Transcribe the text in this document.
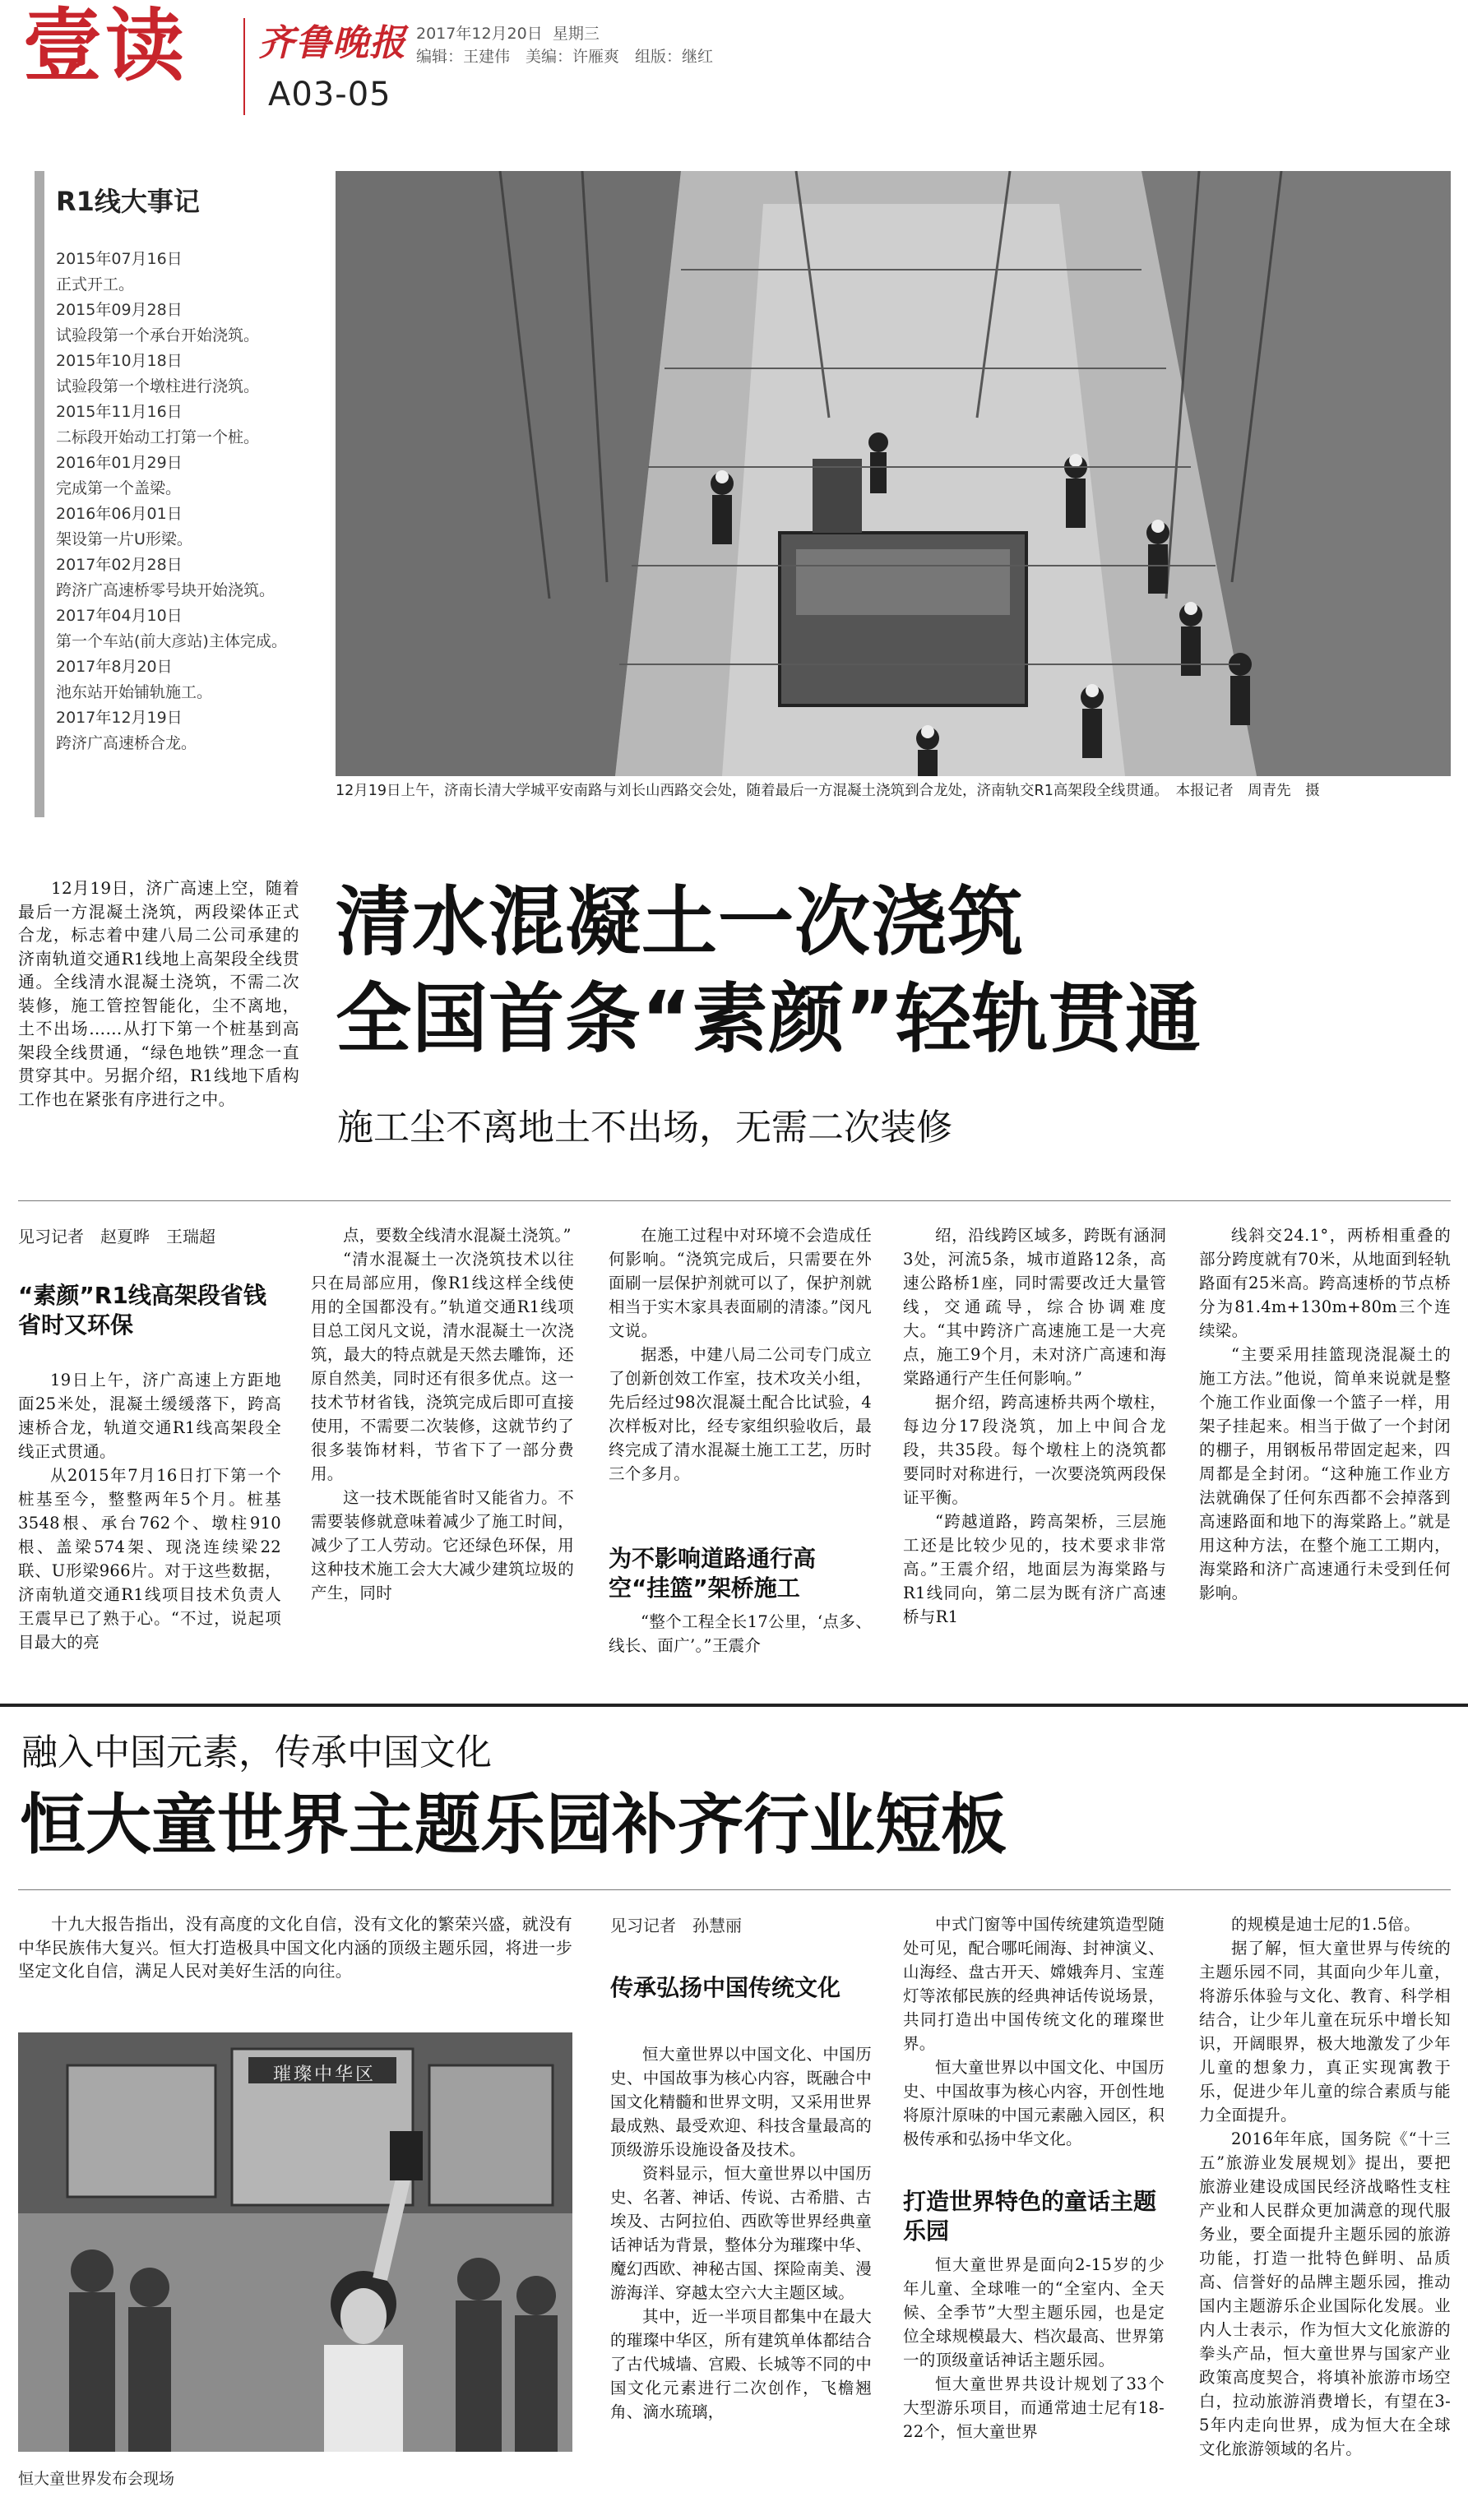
壹读 齐鲁晚报 2017年12月20日 星期三
编辑：王建伟　美编：许雁爽　组版：继红
A03-05
R1线大事记
2015年07月16日
正式开工。
2015年09月28日
试验段第一个承台开始浇筑。
2015年10月18日
试验段第一个墩柱进行浇筑。
2015年11月16日
二标段开始动工打第一个桩。
2016年01月29日
完成第一个盖梁。
2016年06月01日
架设第一片U形梁。
2017年02月28日
跨济广高速桥零号块开始浇筑。
2017年04月10日
第一个车站(前大彦站)主体完成。
2017年8月20日
池东站开始铺轨施工。
2017年12月19日
跨济广高速桥合龙。
12月19日上午，济南长清大学城平安南路与刘长山西路交会处，随着最后一方混凝土浇筑到合龙处，济南轨交R1高架段全线贯通。　本报记者　周青先　摄

12月19日，济广高速上空，随着最后一方混凝土浇筑，两段梁体正式合龙，标志着中建八局二公司承建的济南轨道交通R1线地上高架段全线贯通。全线清水混凝土浇筑，不需二次装修，施工管控智能化，尘不离地，土不出场……从打下第一个桩基到高架段全线贯通，“绿色地铁”理念一直贯穿其中。另据介绍，R1线地下盾构工作也在紧张有序进行之中。

清水混凝土一次浇筑
全国首条“素颜”轻轨贯通
施工尘不离地土不出场，无需二次装修
见习记者　赵夏晔　王瑞超
“素颜”R1线高架段省钱省时又环保

19日上午，济广高速上方距地面25米处，混凝土缓缓落下，跨高速桥合龙，轨道交通R1线高架段全线正式贯通。

从2015年7月16日打下第一个桩基至今，整整两年5个月。桩基3548根、承台762个、墩柱910根、盖梁574架、现浇连续梁22联、U形梁966片。对于这些数据，济南轨道交通R1线项目技术负责人王震早已了熟于心。“不过，说起项目最大的亮

点，要数全线清水混凝土浇筑。”

“清水混凝土一次浇筑技术以往只在局部应用，像R1线这样全线使用的全国都没有。”轨道交通R1线项目总工闵凡文说，清水混凝土一次浇筑，最大的特点就是天然去雕饰，还原自然美，同时还有很多优点。这一技术节材省钱，浇筑完成后即可直接使用，不需要二次装修，这就节约了很多装饰材料，节省下了一部分费用。

这一技术既能省时又能省力。不需要装修就意味着减少了施工时间，减少了工人劳动。它还绿色环保，用这种技术施工会大大减少建筑垃圾的产生，同时

在施工过程中对环境不会造成任何影响。“浇筑完成后，只需要在外面刷一层保护剂就可以了，保护剂就相当于实木家具表面刷的清漆。”闵凡文说。

据悉，中建八局二公司专门成立了创新创效工作室，技术攻关小组，先后经过98次混凝土配合比试验，4次样板对比，经专家组织验收后，最终完成了清水混凝土施工工艺，历时三个多月。

为不影响道路通行高空“挂篮”架桥施工

“整个工程全长17公里，‘点多、线长、面广’。”王震介

绍，沿线跨区域多，跨既有涵洞3处，河流5条，城市道路12条，高速公路桥1座，同时需要改迁大量管线，交通疏导，综合协调难度大。“其中跨济广高速施工是一大亮点，施工9个月，未对济广高速和海棠路通行产生任何影响。”

据介绍，跨高速桥共两个墩柱，每边分17段浇筑，加上中间合龙段，共35段。每个墩柱上的浇筑都要同时对称进行，一次要浇筑两段保证平衡。

“跨越道路，跨高架桥，三层施工还是比较少见的，技术要求非常高。”王震介绍，地面层为海棠路与R1线同向，第二层为既有济广高速桥与R1

线斜交24.1°，两桥相重叠的部分跨度就有70米，从地面到轻轨路面有25米高。跨高速桥的节点桥分为81.4m+130m+80m三个连续梁。

“主要采用挂篮现浇混凝土的施工方法。”他说，简单来说就是整个施工作业面像一个篮子一样，用架子挂起来。相当于做了一个封闭的棚子，用钢板吊带固定起来，四周都是全封闭。“这种施工作业方法就确保了任何东西都不会掉落到高速路面和地下的海棠路上。”就是用这种方法，在整个施工工期内，海棠路和济广高速通行未受到任何影响。

融入中国元素，传承中国文化
恒大童世界主题乐园补齐行业短板

十九大报告指出，没有高度的文化自信，没有文化的繁荣兴盛，就没有中华民族伟大复兴。恒大打造极具中国文化内涵的顶级主题乐园，将进一步坚定文化自信，满足人民对美好生活的向往。

璀璨中华区
恒大童世界发布会现场
见习记者　孙慧丽
传承弘扬中国传统文化

恒大童世界以中国文化、中国历史、中国故事为核心内容，既融合中国文化精髓和世界文明，又采用世界最成熟、最受欢迎、科技含量最高的顶级游乐设施设备及技术。

资料显示，恒大童世界以中国历史、名著、神话、传说、古希腊、古埃及、古阿拉伯、西欧等世界经典童话神话为背景，整体分为璀璨中华、魔幻西欧、神秘古国、探险南美、漫游海洋、穿越太空六大主题区域。

其中，近一半项目都集中在最大的璀璨中华区，所有建筑单体都结合了古代城墙、宫殿、长城等不同的中国文化元素进行二次创作，飞檐翘角、滴水琉璃，

中式门窗等中国传统建筑造型随处可见，配合哪吒闹海、封神演义、山海经、盘古开天、嫦娥奔月、宝莲灯等浓郁民族的经典神话传说场景，共同打造出中国传统文化的璀璨世界。

恒大童世界以中国文化、中国历史、中国故事为核心内容，开创性地将原汁原味的中国元素融入园区，积极传承和弘扬中华文化。

打造世界特色的童话主题乐园

恒大童世界是面向2-15岁的少年儿童、全球唯一的“全室内、全天候、全季节”大型主题乐园，也是定位全球规模最大、档次最高、世界第一的顶级童话神话主题乐园。

恒大童世界共设计规划了33个大型游乐项目，而通常迪士尼有18-22个，恒大童世界

的规模是迪士尼的1.5倍。

据了解，恒大童世界与传统的主题乐园不同，其面向少年儿童，将游乐体验与文化、教育、科学相结合，让少年儿童在玩乐中增长知识，开阔眼界，极大地激发了少年儿童的想象力，真正实现寓教于乐，促进少年儿童的综合素质与能力全面提升。

2016年年底，国务院《“十三五”旅游业发展规划》提出，要把旅游业建设成国民经济战略性支柱产业和人民群众更加满意的现代服务业，要全面提升主题乐园的旅游功能，打造一批特色鲜明、品质高、信誉好的品牌主题乐园，推动国内主题游乐企业国际化发展。业内人士表示，作为恒大文化旅游的拳头产品，恒大童世界与国家产业政策高度契合，将填补旅游市场空白，拉动旅游消费增长，有望在3-5年内走向世界，成为恒大在全球文化旅游领域的名片。
